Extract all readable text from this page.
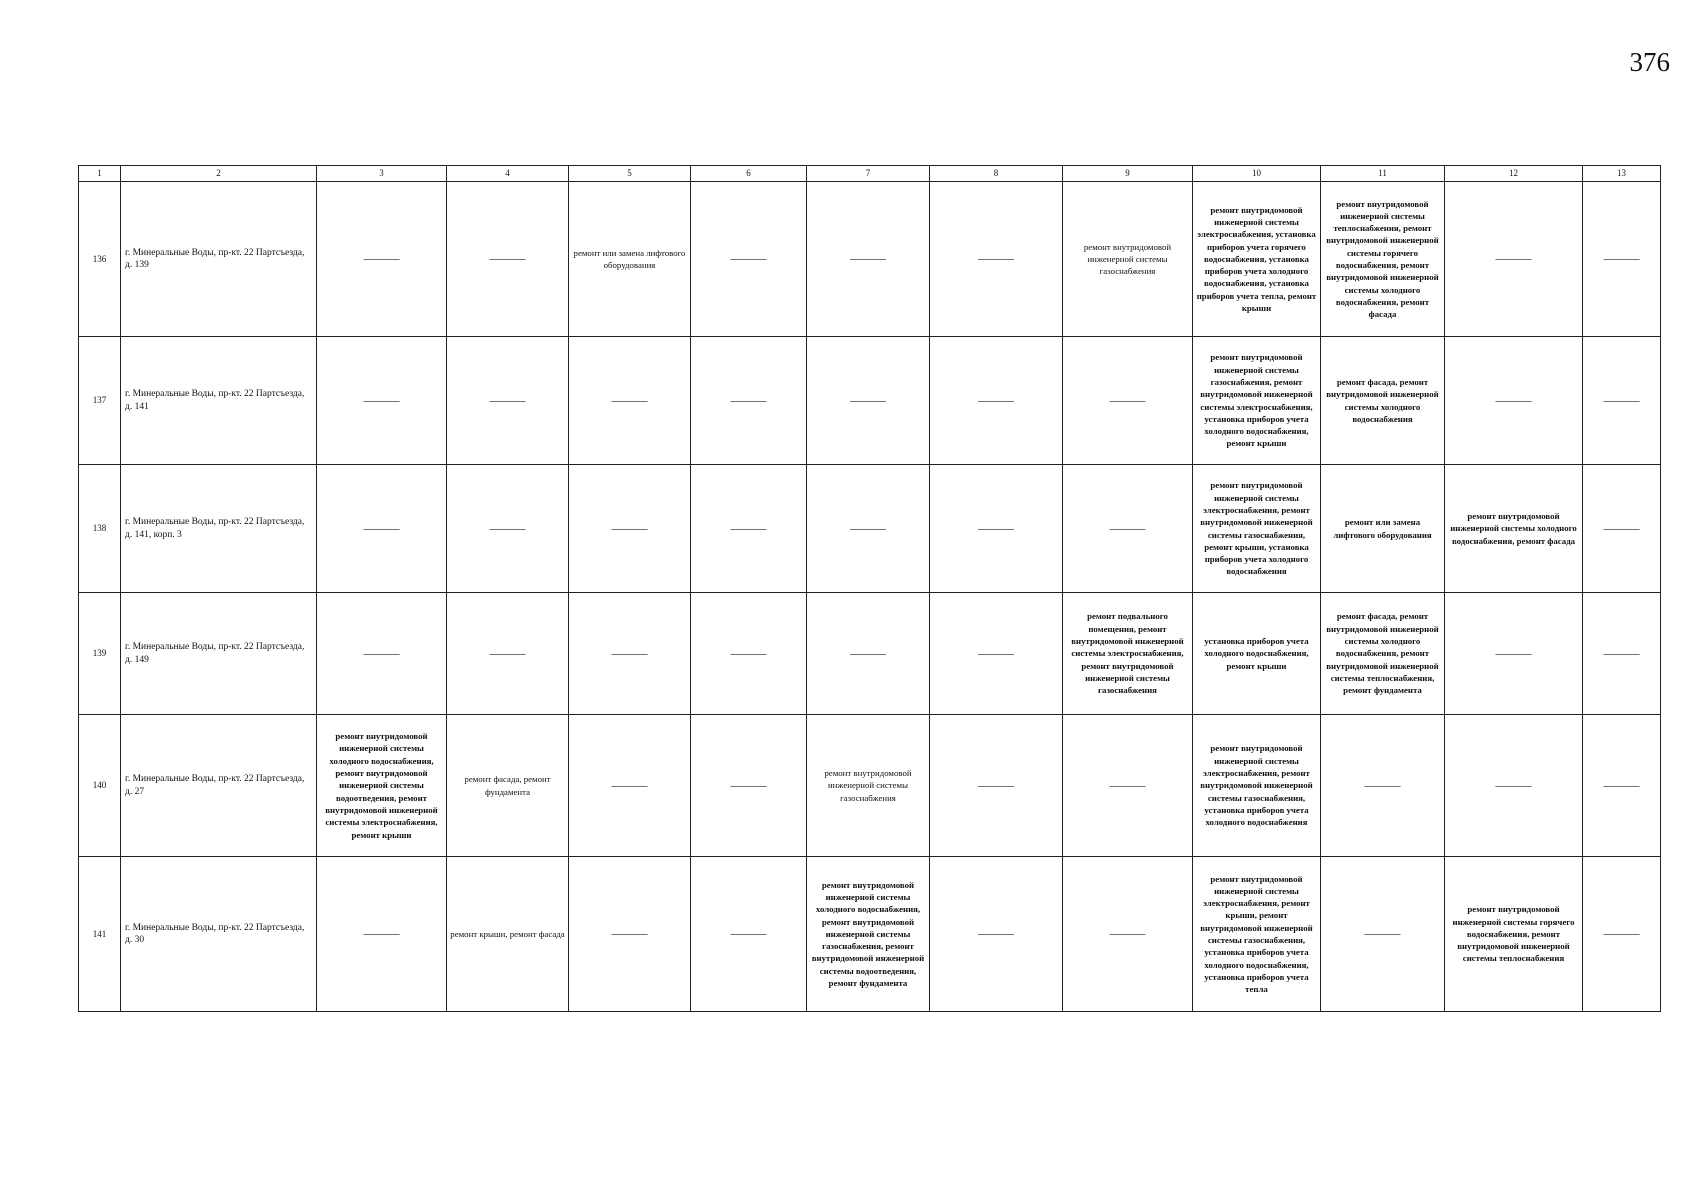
376
1	2	3	4	5	6	7	8	9	10	11	12	13
136	г. Минеральные Воды, пр-кт. 22 Партсъезда, д. 139	———	———	ремонт или замена лифтового оборудования	———	———	———	ремонт внутридомовой инженерной системы газоснабжения	ремонт внутридомовой инженерной системы электроснабжения, установка приборов учета горячего водоснабжения, установка приборов учета холодного водоснабжения, установка приборов учета тепла, ремонт крыши	ремонт внутридомовой инженерной системы теплоснабжения, ремонт внутридомовой инженерной системы горячего водоснабжения, ремонт внутридомовой инженерной системы холодного водоснабжения, ремонт фасада	———	———
137	г. Минеральные Воды, пр-кт. 22 Партсъезда, д. 141	———	———	———	———	———	———	———	ремонт внутридомовой инженерной системы газоснабжения, ремонт внутридомовой инженерной системы электроснабжения, установка приборов учета холодного водоснабжения, ремонт крыши	ремонт фасада, ремонт внутридомовой инженерной системы холодного водоснабжения	———	———
138	г. Минеральные Воды, пр-кт. 22 Партсъезда, д. 141, корп. 3	———	———	———	———	———	———	———	ремонт внутридомовой инженерной системы электроснабжения, ремонт внутридомовой инженерной системы газоснабжения, ремонт крыши, установка приборов учета холодного водоснабжения	ремонт или замена лифтового оборудования	ремонт внутридомовой инженерной системы холодного водоснабжения, ремонт фасада	———
139	г. Минеральные Воды, пр-кт. 22 Партсъезда, д. 149	———	———	———	———	———	———	ремонт подвального помещения, ремонт внутридомовой инженерной системы электроснабжения, ремонт внутридомовой инженерной системы газоснабжения	установка приборов учета холодного водоснабжения, ремонт крыши	ремонт фасада, ремонт внутридомовой инженерной системы холодного водоснабжения, ремонт внутридомовой инженерной системы теплоснабжения, ремонт фундамента	———	———
140	г. Минеральные Воды, пр-кт. 22 Партсъезда, д. 27	ремонт внутридомовой инженерной системы холодного водоснабжения, ремонт внутридомовой инженерной системы водоотведения, ремонт внутридомовой инженерной системы электроснабжения, ремонт крыши	ремонт фасада, ремонт фундамента	———	———	ремонт внутридомовой инженерной системы газоснабжения	———	———	ремонт внутридомовой инженерной системы электроснабжения, ремонт внутридомовой инженерной системы газоснабжения, установка приборов учета холодного водоснабжения	———	———	———
141	г. Минеральные Воды, пр-кт. 22 Партсъезда, д. 30	———	ремонт крыши, ремонт фасада	———	———	ремонт внутридомовой инженерной системы холодного водоснабжения, ремонт внутридомовой инженерной системы газоснабжения, ремонт внутридомовой инженерной системы водоотведения, ремонт фундамента	———	———	ремонт внутридомовой инженерной системы электроснабжения, ремонт крыши, ремонт внутридомовой инженерной системы газоснабжения, установка приборов учета холодного водоснабжения, установка приборов учета тепла	———	ремонт внутридомовой инженерной системы горячего водоснабжения, ремонт внутридомовой инженерной системы теплоснабжения	———
